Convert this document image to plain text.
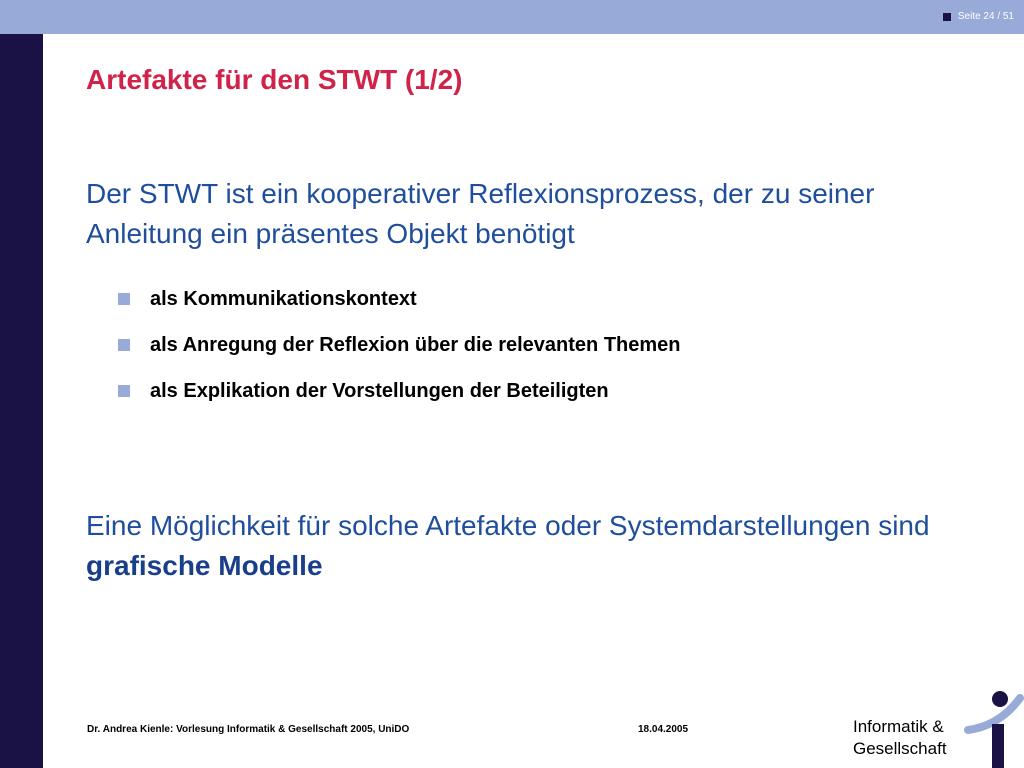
Seite 24 / 51
Artefakte für den STWT (1/2)

Der STWT ist ein kooperativer Reflexionsprozess, der zu seiner Anleitung ein präsentes Objekt benötigt

als Kommunikationskontext
als Anregung der Reflexion über die relevanten Themen
als Explikation der Vorstellungen der Beteiligten

Eine Möglichkeit für solche Artefakte oder Systemdarstellungen sind grafische Modelle

Dr. Andrea Kienle: Vorlesung Informatik & Gesellschaft 2005, UniDO	18.04.2005	Informatik &
Gesellschaft
